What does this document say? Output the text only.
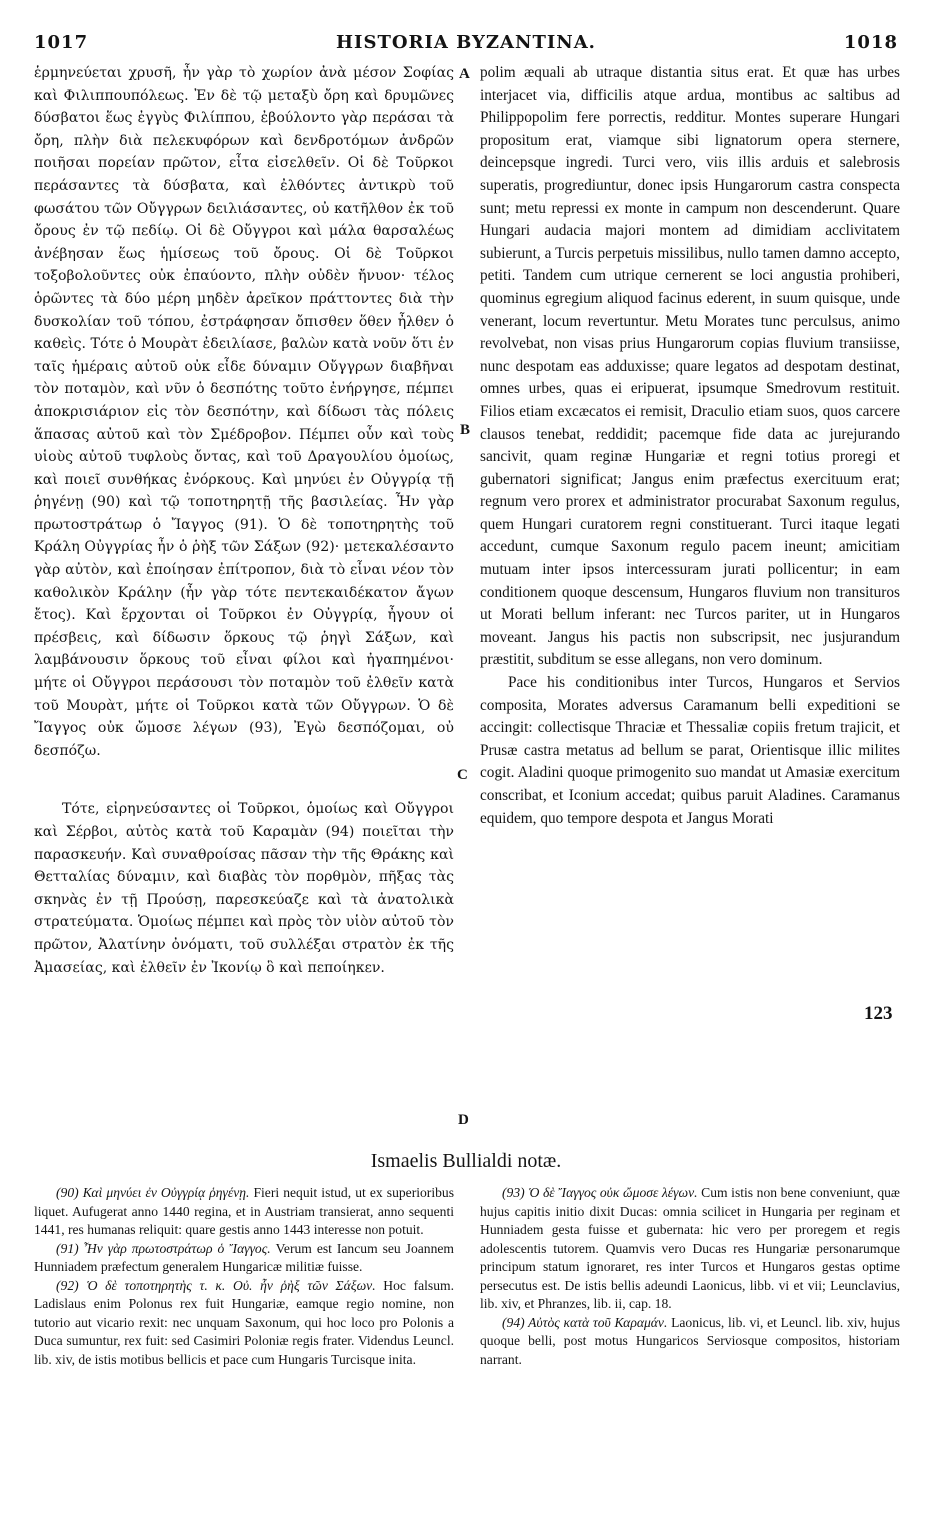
1017	HISTORIA BYZANTINA.	1018

ἑρμηνεύεται χρυσῆ, ἦν γὰρ τὸ χωρίον ἀνὰ μέσον Σοφίας καὶ Φιλιππουπόλεως. Ἐν δὲ τῷ μεταξὺ ὄρη καὶ δρυμῶνες δύσβατοι ἕως ἐγγὺς Φιλίππου, ἐβούλοντο γὰρ περάσαι τὰ ὄρη, πλὴν διὰ πελεκυφόρων καὶ δενδροτόμων ἀνδρῶν ποιῆσαι πορείαν πρῶτον, εἶτα εἰσελθεῖν. Οἱ δὲ Τοῦρκοι περάσαντες τὰ δύσβατα, καὶ ἐλθόντες ἀντικρὺ τοῦ φωσάτου τῶν Οὔγγρων δειλιάσαντες, οὐ κατῆλθον ἐκ τοῦ ὄρους ἐν τῷ πεδίῳ. Οἱ δὲ Οὔγγροι καὶ μάλα θαρσαλέως ἀνέβησαν ἕως ἡμίσεως τοῦ ὄρους. Οἱ δὲ Τοῦρκοι τοξοβολοῦντες οὐκ ἐπαύοντο, πλὴν οὐδὲν ἤνυον· τέλος ὁρῶντες τὰ δύο μέρη μηδὲν ἀρεῖκον πράττοντες διὰ τὴν δυσκολίαν τοῦ τόπου, ἐστράφησαν ὄπισθεν ὅθεν ἦλθεν ὁ καθεὶς. Τότε ὁ Μουρὰτ ἐδειλίασε, βαλὼν κατὰ νοῦν ὅτι ἐν ταῖς ἡμέραις αὐτοῦ οὐκ εἶδε δύναμιν Οὔγγρων διαβῆναι τὸν ποταμὸν, καὶ νῦν ὁ δεσπότης τοῦτο ἐνήργησε, πέμπει ἀποκρισιάριον εἰς τὸν δεσπότην, καὶ δίδωσι τὰς πόλεις ἅπασας αὐτοῦ καὶ τὸν Σμέδροβον. Πέμπει οὖν καὶ τοὺς υἱοὺς αὐτοῦ τυφλοὺς ὄντας, καὶ τοῦ Δραγουλίου ὁμοίως, καὶ ποιεῖ συνθήκας ἐνόρκους. Καὶ μηνύει ἐν Οὐγγρίᾳ τῇ ῥηγένῃ (90) καὶ τῷ τοποτηρητῇ τῆς βασιλείας. Ἦν γὰρ πρωτοστράτωρ ὁ Ἴαγγος (91). Ὁ δὲ τοποτηρητὴς τοῦ Κράλη Οὐγγρίας ἦν ὁ ῥὴξ τῶν Σάξων (92)· μετεκαλέσαντο γὰρ αὐτὸν, καὶ ἐποίησαν ἐπίτροπον, διὰ τὸ εἶναι νέον τὸν καθολικὸν Κράλην (ἦν γὰρ τότε πεντεκαιδέκατον ἄγων ἔτος). Καὶ ἔρχονται οἱ Τοῦρκοι ἐν Οὐγγρίᾳ, ἦγουν οἱ πρέσβεις, καὶ δίδωσιν ὅρκους τῷ ῥηγὶ Σάξων, καὶ λαμβάνουσιν ὅρκους τοῦ εἶναι φίλοι καὶ ἠγαπημένοι· μήτε οἱ Οὔγγροι περάσουσι τὸν ποταμὸν τοῦ ἐλθεῖν κατὰ τοῦ Μουρὰτ, μήτε οἱ Τοῦρκοι κατὰ τῶν Οὔγγρων. Ὁ δὲ Ἴαγγος οὐκ ὤμοσε λέγων (93), Ἐγὼ δεσπόζομαι, οὐ δεσπόζω.

Τότε, εἰρηνεύσαντες οἱ Τοῦρκοι, ὁμοίως καὶ Οὔγγροι καὶ Σέρβοι, αὐτὸς κατὰ τοῦ Καραμὰν (94) ποιεῖται τὴν παρασκευήν. Καὶ συναθροίσας πᾶσαν τὴν τῆς Θράκης καὶ Θετταλίας δύναμιν, καὶ διαβὰς τὸν πορθμὸν, πῆξας τὰς σκηνὰς ἐν τῇ Προύσῃ, παρεσκεύαζε καὶ τὰ ἀνατολικὰ στρατεύματα. Ὁμοίως πέμπει καὶ πρὸς τὸν υἱὸν αὐτοῦ τὸν πρῶτον, Ἀλατίνην ὀνόματι, τοῦ συλλέξαι στρατὸν ἐκ τῆς Ἀμασείας, καὶ ἐλθεῖν ἐν Ἰκονίῳ ὃ καὶ πεποίηκεν.

A
B
C
D

polim æquali ab utraque distantia situs erat. Et quæ has urbes interjacet via, difficilis atque ardua, montibus ac saltibus ad Philippopolim fere porrectis, redditur. Montes superare Hungari propositum erat, viamque sibi lignatorum opera sternere, deincepsque ingredi. Turci vero, viis illis arduis et salebrosis superatis, progrediuntur, donec ipsis Hungarorum castra conspecta sunt; metu repressi ex monte in campum non descenderunt. Quare Hungari audacia majori montem ad dimidiam acclivitatem subierunt, a Turcis perpetuis missilibus, nullo tamen damno accepto, petiti. Tandem cum utrique cernerent se loci angustia prohiberi, quominus egregium aliquod facinus ederent, in suum quisque, unde venerant, locum revertuntur. Metu Morates tunc perculsus, animo revolvebat, non visas prius Hungarorum copias fluvium transiisse, nunc despotam eas adduxisse; quare legatos ad despotam destinat, omnes urbes, quas ei eripuerat, ipsumque Smedrovum restituit. Filios etiam excæcatos ei remisit, Draculio etiam suos, quos carcere clausos tenebat, reddidit; pacemque fide data ac jurejurando sancivit, quam reginæ Hungariæ et regni totius proregi et gubernatori significat; Jangus enim præfectus exercituum erat; regnum vero prorex et administrator procurabat Saxonum regulus, quem Hungari curatorem regni constituerant. Turci itaque legati accedunt, cumque Saxonum regulo pacem ineunt; amicitiam mutuam inter ipsos intercessuram jurati pollicentur; in eam conditionem quoque descensum, Hungaros fluvium non transituros ut Morati bellum inferant: nec Turcos pariter, ut in Hungaros moveant. Jangus his pactis non subscripsit, nec jusjurandum præstitit, subditum se esse allegans, non vero dominum.

Pace his conditionibus inter Turcos, Hungaros et Servios composita, Morates adversus Caramanum belli expeditioni se accingit: collectisque Thraciæ et Thessaliæ copiis fretum trajicit, et Prusæ castra metatus ad bellum se parat, Orientisque illic milites cogit. Aladini quoque primogenito suo mandat ut Amasiæ exercitum conscribat, et Iconium accedat; quibus paruit Aladines. Caramanus equidem, quo tempore despota et Jangus Morati

123
Ismaelis Bullialdi notæ.

(90) Καὶ μηνύει ἐν Οὐγγρίᾳ ῥηγένῃ. Fieri nequit istud, ut ex superioribus liquet. Aufugerat anno 1440 regina, et in Austriam transierat, anno sequenti 1441, res humanas reliquit: quare gestis anno 1443 interesse non potuit.

(91) Ἦν γὰρ πρωτοστράτωρ ὁ Ἴαγγος. Verum est Iancum seu Joannem Hunniadem præfectum generalem Hungaricæ militiæ fuisse.

(92) Ὁ δὲ τοποτηρητὴς τ. κ. Οὐ. ἦν ῥὴξ τῶν Σάξων. Hoc falsum. Ladislaus enim Polonus rex fuit Hungariæ, eamque regio nomine, non tutorio aut vicario rexit: nec unquam Saxonum, qui hoc loco pro Polonis a Duca sumuntur, rex fuit: sed Casimiri Poloniæ regis frater. Videndus Leuncl. lib. xiv, de istis motibus bellicis et pace cum Hungaris Turcisque inita.

(93) Ὁ δὲ Ἴαγγος οὐκ ὤμοσε λέγων. Cum istis non bene conveniunt, quæ hujus capitis initio dixit Ducas: omnia scilicet in Hungaria per reginam et Hunniadem gesta fuisse et gubernata: hic vero per proregem et regis adolescentis tutorem. Quamvis vero Ducas res Hungariæ personarumque principum statum ignoraret, res inter Turcos et Hungaros gestas optime persecutus est. De istis bellis adeundi Laonicus, libb. vi et vii; Leunclavius, lib. xiv, et Phranzes, lib. ii, cap. 18.

(94) Αὐτὸς κατὰ τοῦ Καραμάν. Laonicus, lib. vi, et Leuncl. lib. xiv, hujus quoque belli, post motus Hungaricos Serviosque compositos, historiam narrant.
